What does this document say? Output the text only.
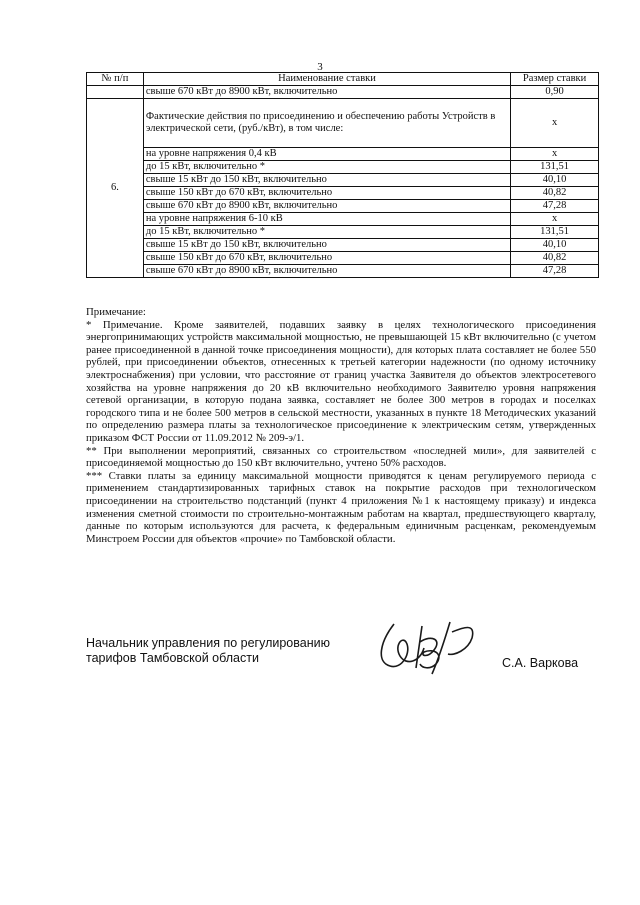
3
№ п/п	Наименование ставки	Размер ставки
	свыше 670 кВт до 8900 кВт, включительно	0,90
6.	Фактические действия по присоединению и обеспечению работы Устройств в электрической сети, (руб./кВт), в том числе:	х
	на уровне напряжения 0,4 кВ	х
	до 15 кВт, включительно *	131,51
	свыше 15 кВт до 150 кВт, включительно	40,10
	свыше 150 кВт до 670 кВт, включительно	40,82
	свыше 670 кВт до 8900 кВт, включительно	47,28
	на уровне напряжения 6-10 кВ	х
	до 15 кВт, включительно *	131,51
	свыше 15 кВт до 150 кВт, включительно	40,10
	свыше 150 кВт до 670 кВт, включительно	40,82
	свыше 670 кВт до 8900 кВт, включительно	47,28

Примечание:

* Примечание. Кроме заявителей, подавших заявку в целях технологического присоединения энергопринимающих устройств максимальной мощностью, не превышающей 15 кВт включительно (с учетом ранее присоединенной в данной точке присоединения мощности), для которых плата составляет не более 550 рублей, при присоединении объектов, отнесенных к третьей категории надежности (по одному источнику электроснабжения) при условии, что расстояние от границ участка Заявителя до объектов электросетевого хозяйства на уровне напряжения до 20 кВ включительно необходимого Заявителю уровня напряжения сетевой организации, в которую подана заявка, составляет не более 300 метров в городах и поселках городского типа и не более 500 метров в сельской местности, указанных в пункте 18 Методических указаний по определению размера платы за технологическое присоединение к электрическим сетям, утвержденных приказом ФСТ России от 11.09.2012 № 209-э/1.

** При выполнении мероприятий, связанных со строительством «последней мили», для заявителей с присоединяемой мощностью до 150 кВт включительно, учтено 50% расходов.

*** Ставки платы за единицу максимальной мощности приводятся к ценам регулируемого периода с применением стандартизированных тарифных ставок на покрытие расходов при технологическом присоединении на строительство подстанций (пункт 4 приложения №1 к настоящему приказу) и индекса изменения сметной стоимости по строительно-монтажным работам на квартал, предшествующего кварталу, данные по которым используются для расчета, к федеральным единичным расценкам, рекомендуемым Минстроем России для объектов «прочие» по Тамбовской области.

Начальник управления по регулированию
тарифов Тамбовской области	С.А. Варкова
